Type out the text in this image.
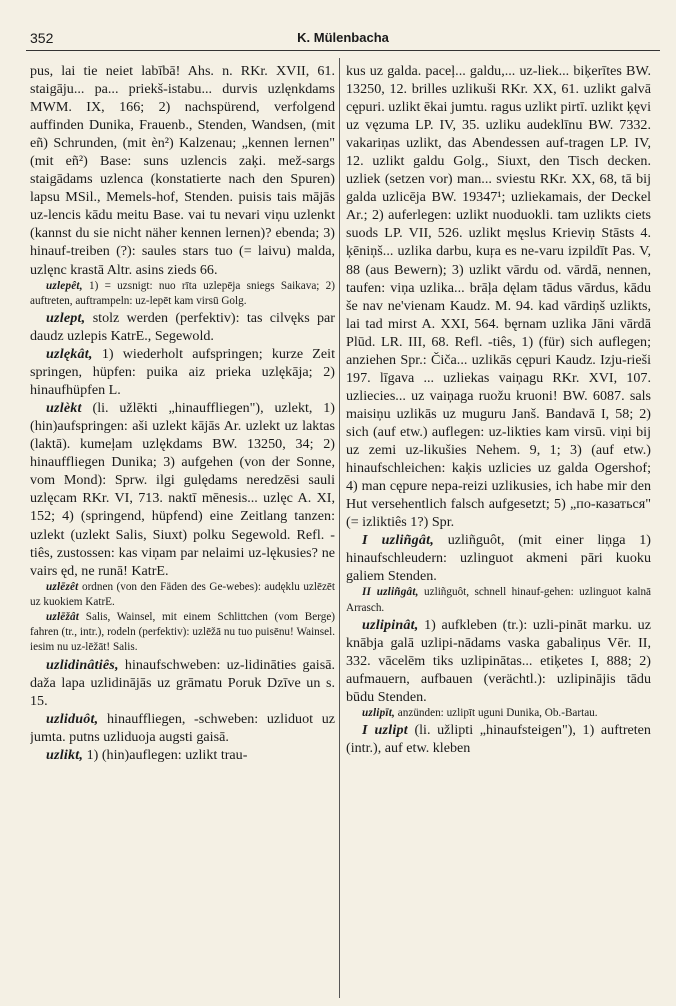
352	K. Mülenbacha

pus, lai tie neiet labībā! Ahs. n. RKr. XVII, 61. staigāju... pa... priekš-istabu... durvis uzlęnkdams MWM. IX, 166; 2) nachspürend, verfolgend auffinden Dunika, Frauenb., Stenden, Wandsen, (mit eñ) Schrunden, (mit èn²) Kalzenau; „kennen lernen" (mit eñ²) Base: suns uzlencis zaķi. mež-sargs staigādams uzlenca (konstatierte nach den Spuren) lapsu MSil., Memels-hof, Stenden. puisis tais mājās uz-lencis kādu meitu Base. vai tu nevari viņu uzlenkt (kannst du sie nicht näher kennen lernen)? ebenda; 3) hinauf-treiben (?): saules stars tuo (= laivu) malda, uzlęnc krastā Altr. asins zieds 66.

uzlepêt, 1) = uzsnigt: nuo rīta uzlepēja sniegs Saikava; 2) auftreten, auftrampeln: uz-lepēt kam virsū Golg.

uzlept, stolz werden (perfektiv): tas cilvęks par daudz uzlepis KatrE., Segewold.

uzlękât, 1) wiederholt aufspringen; kurze Zeit springen, hüpfen: puika aiz prieka uzlękāja; 2) hinaufhüpfen L.

uzlèkt (li. užlēkti „hinauffliegen"), uzlekt, 1) (hin)aufspringen: aši uzlekt kājās Ar. uzlekt uz laktas (laktā). kumeļam uzlękdams BW. 13250, 34; 2) hinauffliegen Dunika; 3) aufgehen (von der Sonne, vom Mond): Sprw. ilgi gulędams neredzēsi sauli uzlęcam RKr. VI, 713. naktī mēnesis... uzlęc A. XI, 152; 4) (springend, hüpfend) eine Zeitlang tanzen: uzlekt (uzlekt Salis, Siuxt) polku Segewold. Refl. -tiês, zustossen: kas viņam par nelaimi uz-lękusies? ne vairs ęd, ne runā! KatrE.

uzlēzêt ordnen (von den Fäden des Ge-webes): audęklu uzlēzēt uz kuokiem KatrE.

uzlēžât Salis, Wainsel, mit einem Schlittchen (vom Berge) fahren (tr., intr.), rodeln (perfektiv): uzlēžā nu tuo puisēnu! Wainsel. iesim nu uz-lēžāt! Salis.

uzlidinâtiês, hinaufschweben: uz-lidināties gaisā. daža lapa uzlidinājās uz grāmatu Poruk Dzīve un s. 15.

uzliduôt, hinauffliegen, -schweben: uzliduot uz jumta. putns uzliduoja augsti gaisā.

uzlikt, 1) (hin)auflegen: uzlikt trau-

kus uz galda. paceļ... galdu,... uz-liek... biķerītes BW. 13250, 12. brilles uzlikuši RKr. XX, 61. uzlikt galvā cępuri. uzlikt ēkai jumtu. ragus uzlikt pirtī. uzlikt ķęvi uz vęzuma LP. IV, 35. uzliku audeklīnu BW. 7332. vakariņas uzlikt, das Abendessen auf-tragen LP. IV, 12. uzlikt galdu Golg., Siuxt, den Tisch decken. uzliek (setzen vor) man... sviestu RKr. XX, 68, tā bij galda uzlicēja BW. 19347¹; uzliekamais, der Deckel Ar.; 2) auferlegen: uzlikt nuoduokli. tam uzlikts ciets suods LP. VII, 526. uzlikt męslus Krieviņ Stāsts 4. ķēniņš... uzlika darbu, kuŗa es ne-varu izpildīt Pas. V, 88 (aus Bewern); 3) uzlikt vārdu od. vārdā, nennen, taufen: viņa uzlika... brāļa dęlam tādus vārdus, kādu še nav ne'vienam Kaudz. M. 94. kad vārdiņš uzlikts, lai tad mirst A. XXI, 564. bęrnam uzlika Jāni vārdā Plūd. LR. III, 68. Refl. -tiês, 1) (für) sich auflegen; anziehen Spr.: Čiča... uzlikās cępuri Kaudz. Izju-rieši 197. līgava ... uzliekas vaiņagu RKr. XVI, 107. uzliecies... uz vaiņaga ruožu kruoni! BW. 6087. sals maisiņu uzlikās uz muguru Janš. Bandavā I, 58; 2) sich (auf etw.) auflegen: uz-likties kam virsū. viņi bij uz zemi uz-likušies Nehem. 9, 1; 3) (auf etw.) hinaufschleichen: kaķis uzlicies uz galda Ogershof; 4) man cępure nepa-reizi uzlikusies, ich habe mir den Hut versehentlich falsch aufgesetzt; 5) „по-казаться" (= izliktiês 1?) Spr.

I uzliñgât, uzliñguôt, (mit einer liņga 1) hinaufschleudern: uzlinguot akmeni pāri kuoku galiem Stenden.

II uzliñgât, uzliñguôt, schnell hinauf-gehen: uzlinguot kalnā Arrasch.

uzlipinât, 1) aufkleben (tr.): uzli-pināt marku. uz knābja galā uzlipi-nādams vaska gabaliņus Vēr. II, 332. vācelēm tiks uzlipinātas... etiķetes I, 888; 2) aufmauern, aufbauen (verächtl.): uzlipinājis tādu būdu Stenden.

uzlipīt, anzünden: uzlipīt uguni Dunika, Ob.-Bartau.

I uzlipt (li. užlipti „hinaufsteigen"), 1) auftreten (intr.), auf etw. kleben
